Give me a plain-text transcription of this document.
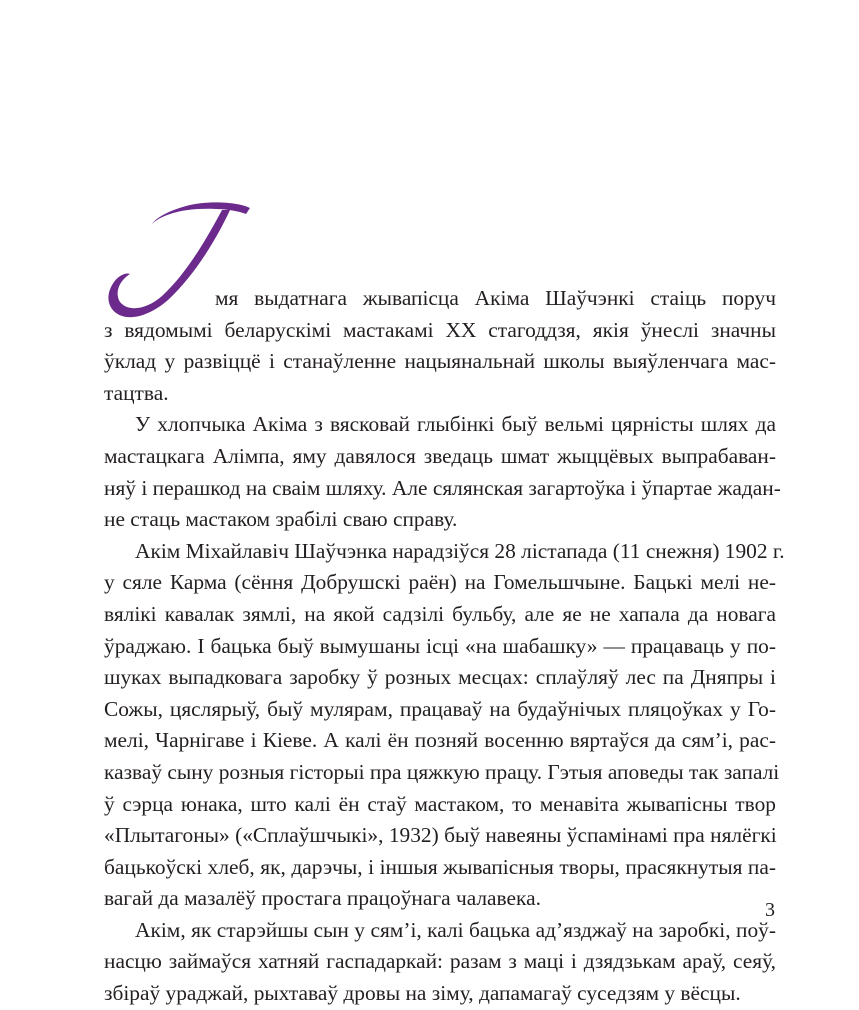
мя выдатнага жывапісца Акіма Шаўчэнкі стаіць поруч
з вядомымі беларускімі мастакамі ХХ стагоддзя, якія ўнеслі значны
ўклад у развіццё і станаўленне нацыянальнай школы выяўленчага мас-
тацтва.
У хлопчыка Акіма з вясковай глыбінкі быў вельмі цярністы шлях да
мастацкага Алімпа, яму давялося зведаць шмат жыццёвых выпрабаван-
няў і перашкод на сваім шляху. Але сялянская загартоўка і ўпартае жадан-
не стаць мастаком зрабілі сваю справу.
Акім Міхайлавіч Шаўчэнка нарадзіўся 28 лістапада (11 снежня) 1902 г.
у сяле Карма (сёння Добрушскі раён) на Гомельшчыне. Бацькі мелі не-
вялікі кавалак зямлі, на якой садзілі бульбу, але яе не хапала да новага
ўраджаю. І бацька быў вымушаны ісці «на шабашку» — працаваць у по-
шуках выпадковага заробку ў розных месцах: сплаўляў лес па Дняпры і
Сожы, цяслярыў, быў мулярам, працаваў на будаўнічых пляцоўках у Го-
мелі, Чарнігаве і Кіеве. А калі ён позняй восенню вяртаўся да сям’і, рас-
казваў сыну розныя гісторыі пра цяжкую працу. Гэтыя аповеды так запалі
ў сэрца юнака, што калі ён стаў мастаком, то менавіта жывапісны твор
«Плытагоны» («Сплаўшчыкі», 1932) быў навеяны ўспамінамі пра нялёгкі
бацькоўскі хлеб, як, дарэчы, і іншыя жывапісныя творы, прасякнутыя па-
вагай да мазалёў простага працоўнага чалавека.
Акім, як старэйшы сын у сям’і, калі бацька ад’язджаў на заробкі, поў-
насцю займаўся хатняй гаспадаркай: разам з маці і дзядзькам араў, сеяў,
збіраў ураджай, рыхтаваў дровы на зіму, дапамагаў суседзям у вёсцы.
3
